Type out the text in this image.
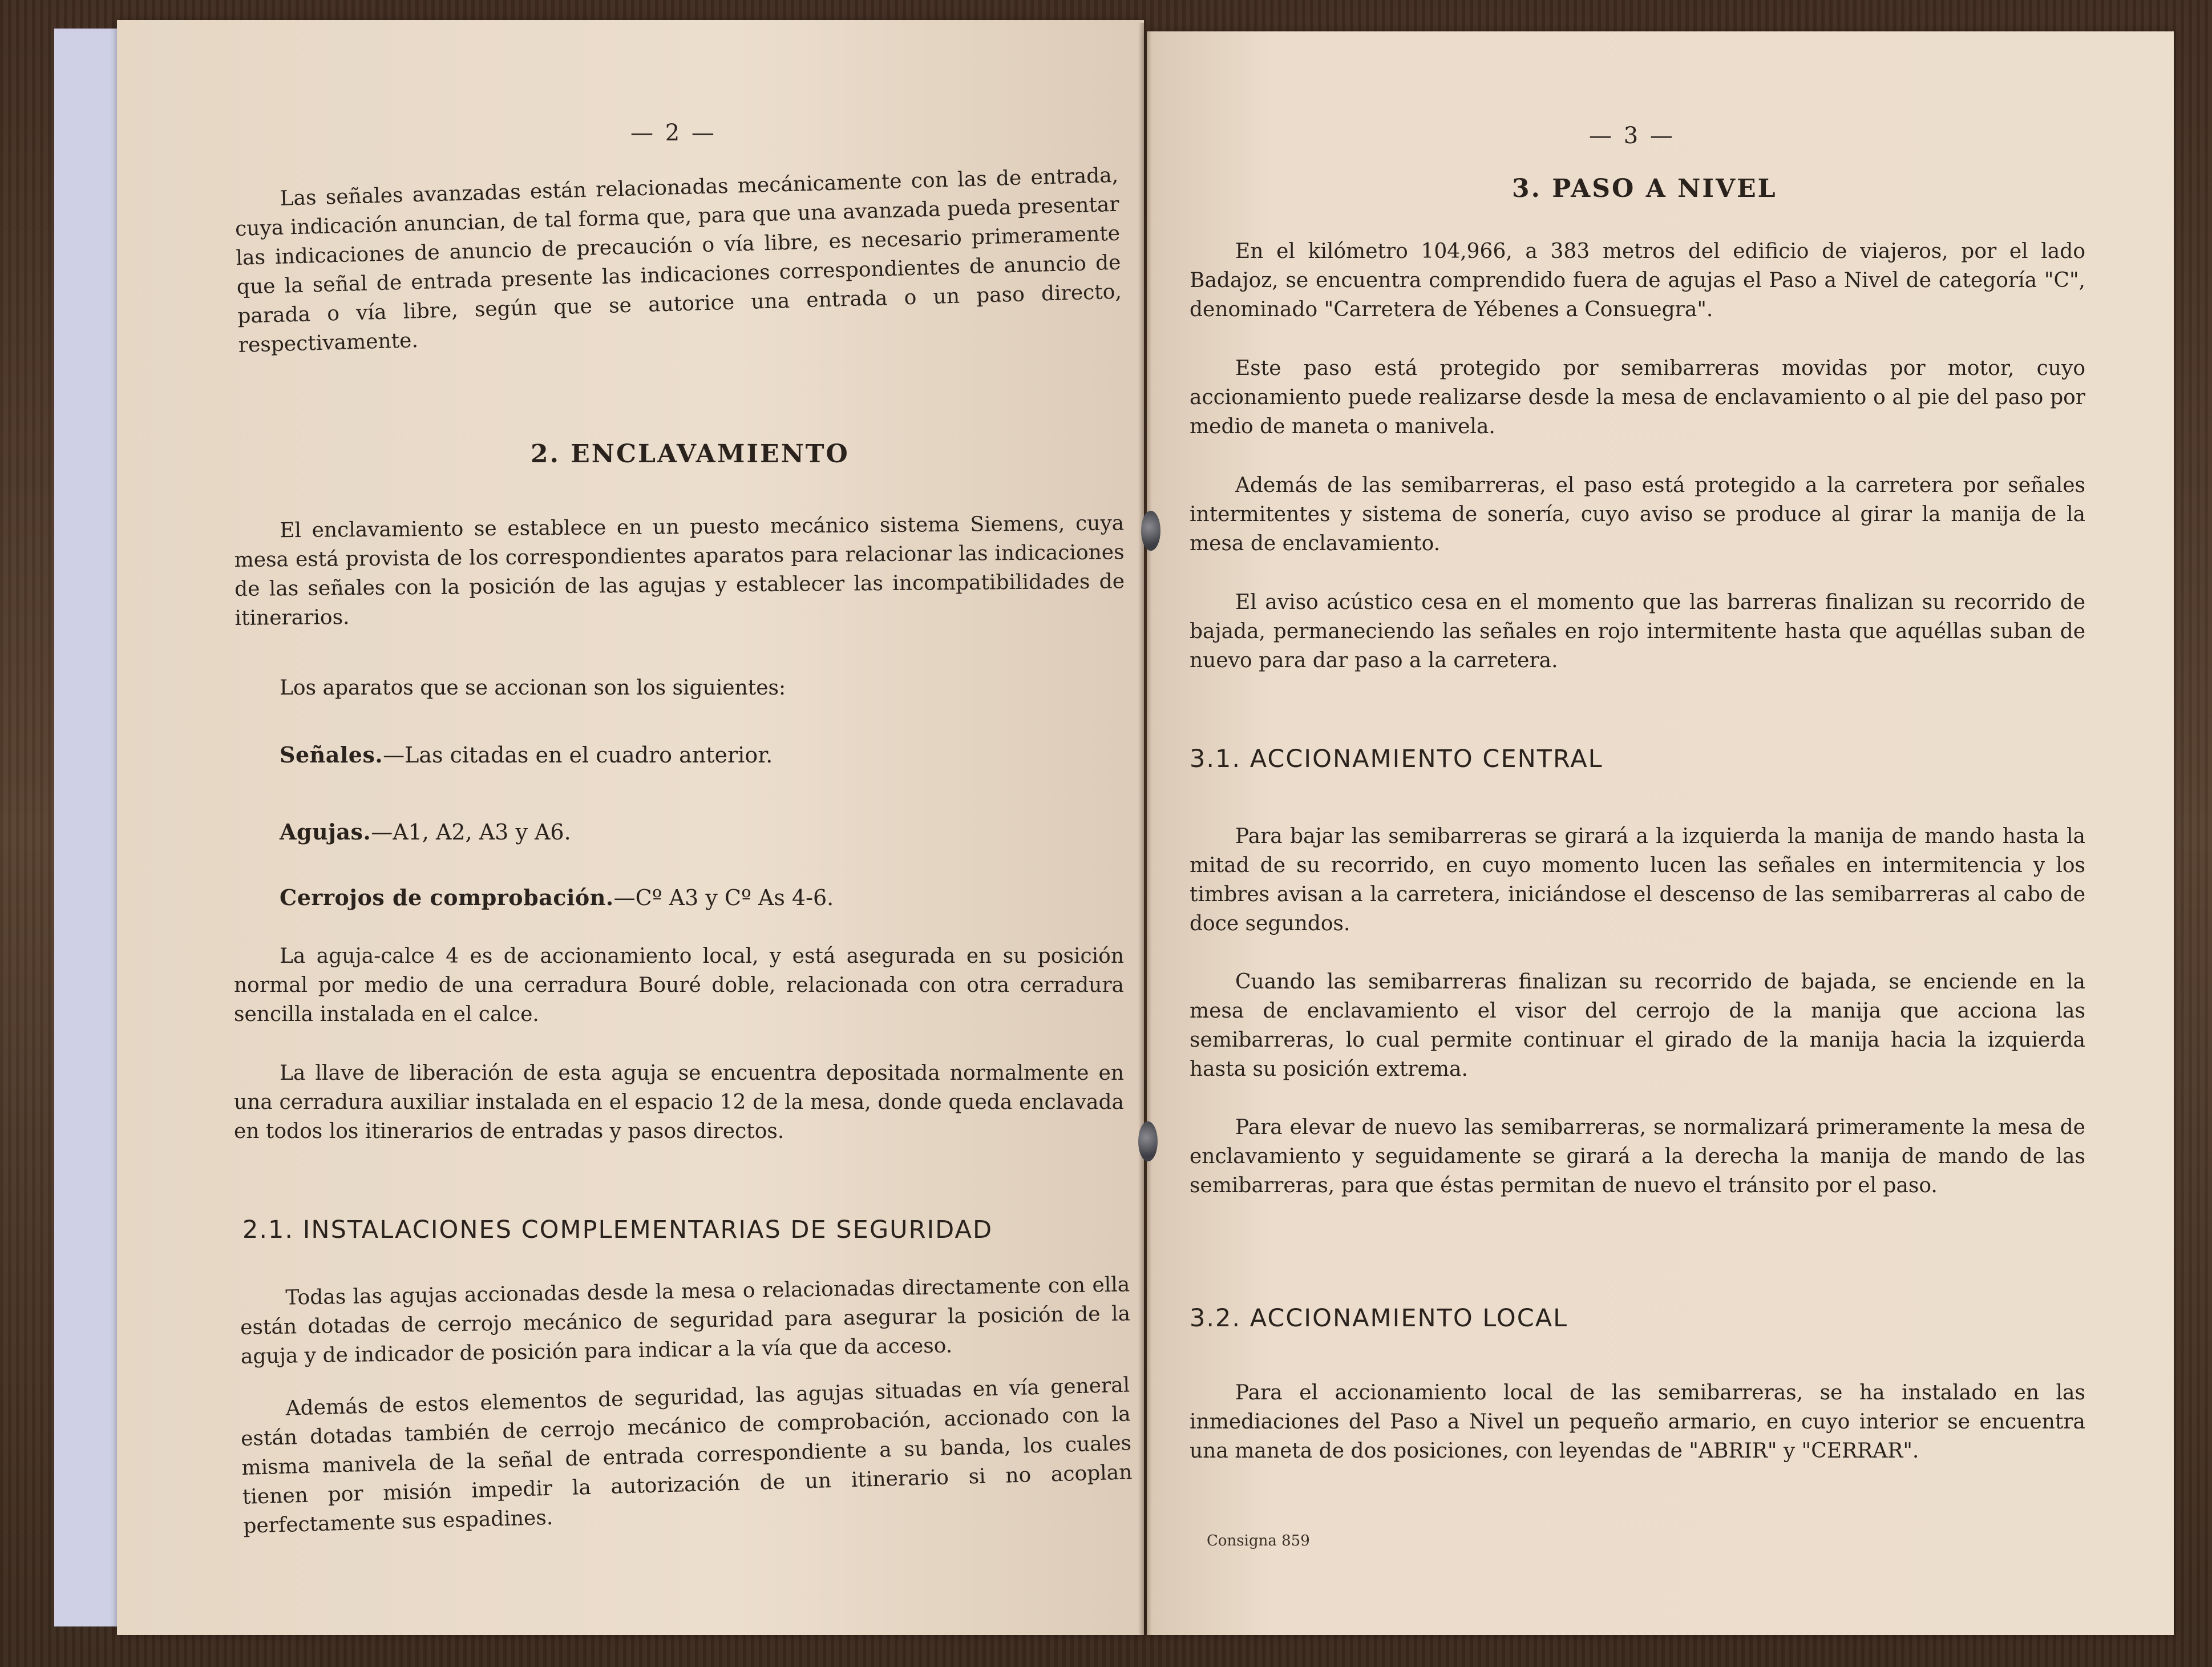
— 2 —

Las señales avanzadas están relacionadas mecánicamente con las de entrada, cuya indicación anuncian, de tal forma que, para que una avanzada pueda presentar las indicaciones de anuncio de precaución o vía libre, es necesario primeramente que la señal de entrada presente las indicaciones correspondientes de anuncio de parada o vía libre, según que se autorice una entrada o un paso directo, respectivamente.

2. ENCLAVAMIENTO

El enclavamiento se establece en un puesto mecánico sistema Siemens, cuya mesa está provista de los correspondientes aparatos para relacionar las indicaciones de las señales con la posición de las agujas y establecer las incompatibilidades de itinerarios.

Los aparatos que se accionan son los siguientes:

Señales.—Las citadas en el cuadro anterior.
Agujas.—A1, A2, A3 y A6.
Cerrojos de comprobación.—Cº A3 y Cº As 4-6.

La aguja-calce 4 es de accionamiento local, y está asegurada en su posición normal por medio de una cerradura Bouré doble, relacionada con otra cerradura sencilla instalada en el calce.

La llave de liberación de esta aguja se encuentra depositada normalmente en una cerradura auxiliar instalada en el espacio 12 de la mesa, donde queda enclavada en todos los itinerarios de entradas y pasos directos.

2.1. INSTALACIONES COMPLEMENTARIAS DE SEGURIDAD

Todas las agujas accionadas desde la mesa o relacionadas directamente con ella están dotadas de cerrojo mecánico de seguridad para asegurar la posición de la aguja y de indicador de posición para indicar a la vía que da acceso.

Además de estos elementos de seguridad, las agujas situadas en vía general están dotadas también de cerrojo mecánico de comprobación, accionado con la misma manivela de la señal de entrada correspondiente a su banda, los cuales tienen por misión impedir la autorización de un itinerario si no acoplan perfectamente sus espadines.

— 3 —
3. PASO A NIVEL

En el kilómetro 104,966, a 383 metros del edificio de viajeros, por el lado Badajoz, se encuentra comprendido fuera de agujas el Paso a Nivel de categoría "C", denominado "Carretera de Yébenes a Consuegra".

Este paso está protegido por semibarreras movidas por motor, cuyo accionamiento puede realizarse desde la mesa de enclavamiento o al pie del paso por medio de maneta o manivela.

Además de las semibarreras, el paso está protegido a la carretera por señales intermitentes y sistema de sonería, cuyo aviso se produce al girar la manija de la mesa de enclavamiento.

El aviso acústico cesa en el momento que las barreras finalizan su recorrido de bajada, permaneciendo las señales en rojo intermitente hasta que aquéllas suban de nuevo para dar paso a la carretera.

3.1. ACCIONAMIENTO CENTRAL

Para bajar las semibarreras se girará a la izquierda la manija de mando hasta la mitad de su recorrido, en cuyo momento lucen las señales en intermitencia y los timbres avisan a la carretera, iniciándose el descenso de las semibarreras al cabo de doce segundos.

Cuando las semibarreras finalizan su recorrido de bajada, se enciende en la mesa de enclavamiento el visor del cerrojo de la manija que acciona las semibarreras, lo cual permite continuar el girado de la manija hacia la izquierda hasta su posición extrema.

Para elevar de nuevo las semibarreras, se normalizará primeramente la mesa de enclavamiento y seguidamente se girará a la derecha la manija de mando de las semibarreras, para que éstas permitan de nuevo el tránsito por el paso.

3.2. ACCIONAMIENTO LOCAL

Para el accionamiento local de las semibarreras, se ha instalado en las inmediaciones del Paso a Nivel un pequeño armario, en cuyo interior se encuentra una maneta de dos posiciones, con leyendas de "ABRIR" y "CERRAR".

Consigna 859
